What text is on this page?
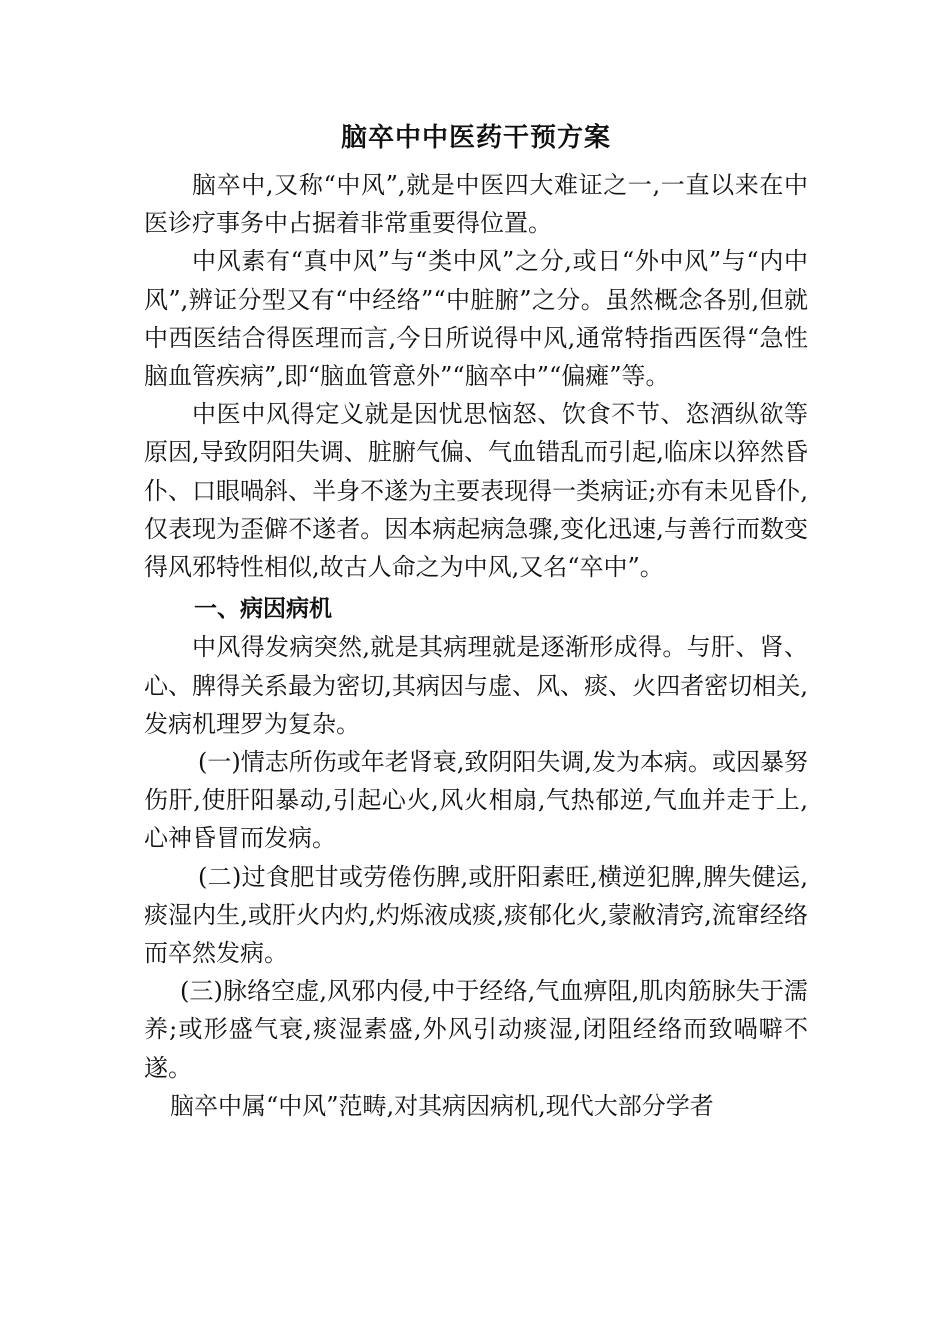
脑卒中中医药干预方案

脑卒中,又称“中风”,就是中医四大难证之一,一直以来在中医诊疗事务中占据着非常重要得位置。

中风素有“真中风”与“类中风”之分,或日“外中风”与“内中风”,辨证分型又有“中经络”“中脏腑”之分。虽然概念各别,但就中西医结合得医理而言,今日所说得中风,通常特指西医得“急性脑血管疾病”,即“脑血管意外”“脑卒中”“偏瘫”等。

中医中风得定义就是因忧思恼怒、饮食不节、恣酒纵欲等原因,导致阴阳失调、脏腑气偏、气血错乱而引起,临床以猝然昏仆、口眼喎斜、半身不遂为主要表现得一类病证;亦有未见昏仆,仅表现为歪僻不遂者。因本病起病急骤,变化迅速,与善行而数变得风邪特性相似,故古人命之为中风,又名“卒中”。

一、病因病机

中风得发病突然,就是其病理就是逐渐形成得。与肝、肾、心、脾得关系最为密切,其病因与虚、风、痰、火四者密切相关,发病机理罗为复杂。

(一)情志所伤或年老肾衰,致阴阳失调,发为本病。或因暴努伤肝,使肝阳暴动,引起心火,风火相扇,气热郁逆,气血并走于上,心神昏冒而发病。

(二)过食肥甘或劳倦伤脾,或肝阳素旺,横逆犯脾,脾失健运,痰湿内生,或肝火内灼,灼烁液成痰,痰郁化火,蒙敝清窍,流窜经络而卒然发病。

(三)脉络空虚,风邪内侵,中于经络,气血痹阻,肌肉筋脉失于濡养;或形盛气衰,痰湿素盛,外风引动痰湿,闭阻经络而致喎噼不遂。

脑卒中属“中风”范畴,对其病因病机,现代大部分学者
